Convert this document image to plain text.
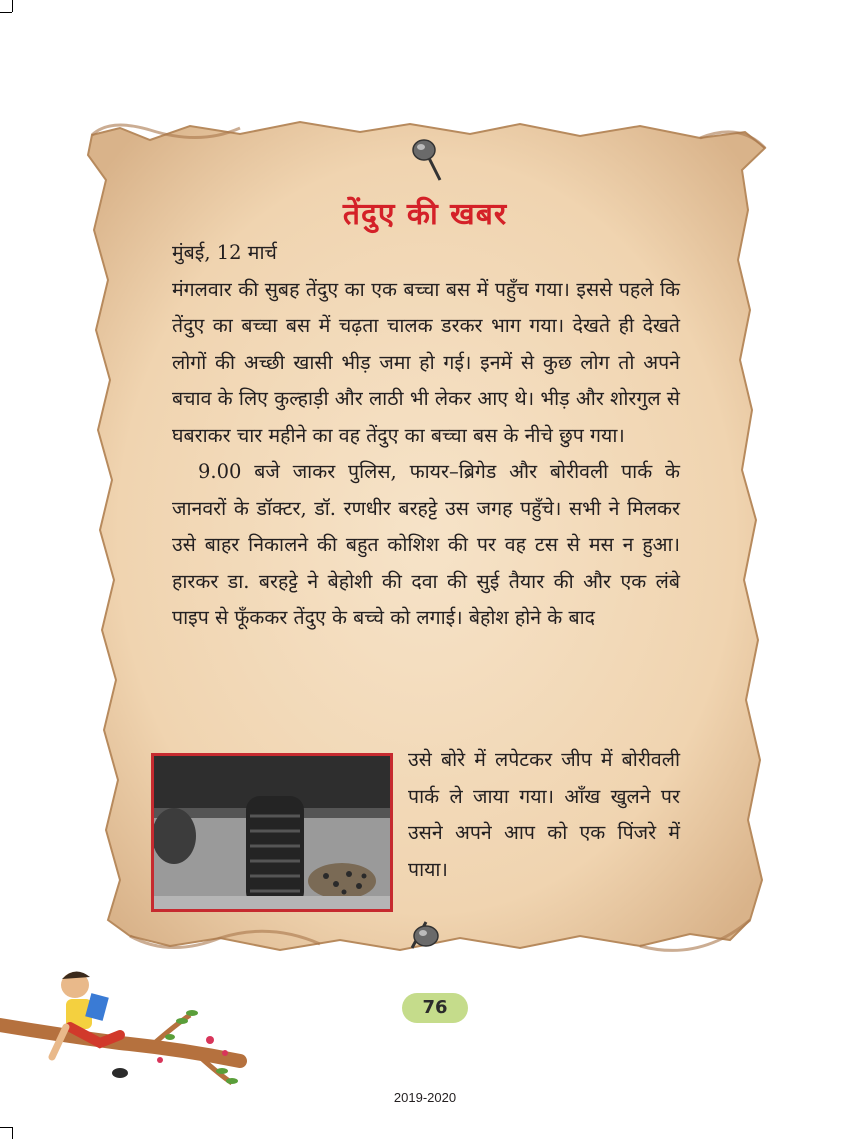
तेंदुए की खबर
मुंबई, 12 मार्च

मंगलवार की सुबह तेंदुए का एक बच्चा बस में पहुँच गया। इससे पहले कि तेंदुए का बच्चा बस में चढ़ता चालक डरकर भाग गया। देखते ही देखते लोगों की अच्छी खासी भीड़ जमा हो गई। इनमें से कुछ लोग तो अपने बचाव के लिए कुल्हाड़ी और लाठी भी लेकर आए थे। भीड़ और शोरगुल से घबराकर चार महीने का वह तेंदुए का बच्चा बस के नीचे छुप गया।

9.00 बजे जाकर पुलिस, फायर–ब्रिगेड और बोरीवली पार्क के जानवरों के डॉक्टर, डॉ. रणधीर बरहट्टे उस जगह पहुँचे। सभी ने मिलकर उसे बाहर निकालने की बहुत कोशिश की पर वह टस से मस न हुआ। हारकर डा. बरहट्टे ने बेहोशी की दवा की सुई तैयार की और एक लंबे पाइप से फूँककर तेंदुए के बच्चे को लगाई। बेहोश होने के बाद

उसे बोरे में लपेटकर जीप में बोरीवली पार्क ले जाया गया। आँख खुलने पर उसने अपने आप को एक पिंजरे में पाया।

76
2019-2020
